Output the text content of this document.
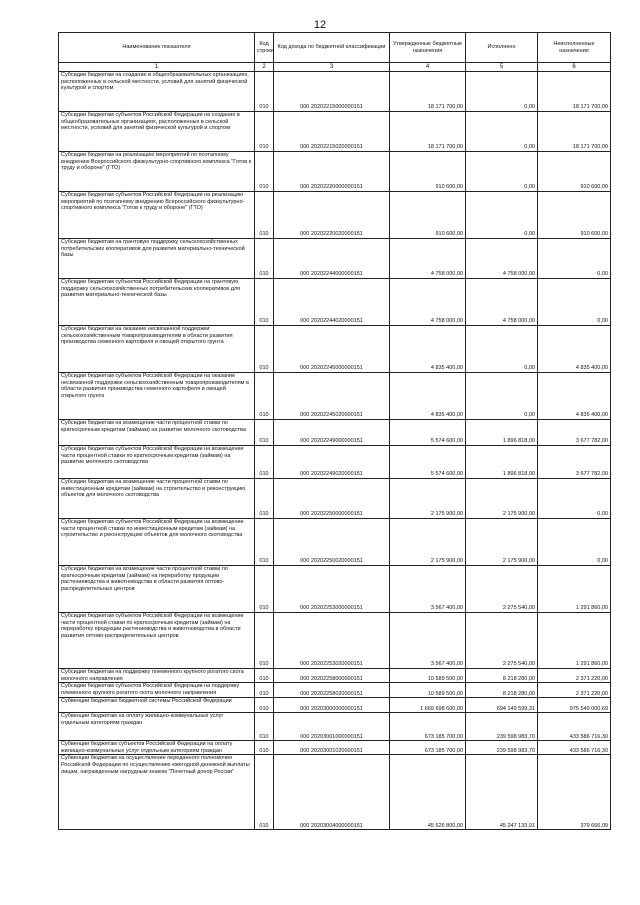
12
Наименование показателя	Код строки	Код дохода по бюджетной классификации	Утвержденные бюджетные назначения	Исполнено	Неисполненные назначения
1	2	3	4	5	6
Субсидии бюджетам на создание в общеобразовательных организациях, расположенных в сельской местности, условий для занятий физической культурой и спортом	010	000 20202215000000151	18 171 700,00	0,00	18 171 700,00
Субсидии бюджетам субъектов Российской Федерации на создание в общеобразовательных организациях, расположенных в сельской местности, условий для занятий физической культурой и спортом	010	000 20202215020000151	18 171 700,00	0,00	18 171 700,00
Субсидии бюджетам на реализацию мероприятий по поэтапному внедрению Всероссийского физкультурно-спортивного комплекса "Готов к труду и обороне" (ГТО)	010	000 20202220000000151	910 600,00	0,00	910 600,00
Субсидии бюджетам субъектов Российской Федерации на реализацию мероприятий по поэтапному внедрению Всероссийского физкультурно-спортивного комплекса "Готов к труду и обороне" (ГТО)	010	000 20202220020000151	910 600,00	0,00	910 600,00
Субсидии бюджетам на грантовую поддержку сельскохозяйственных потребительских кооперативов для развития материально-технической базы	010	000 20202244000000151	4 758 000,00	4 758 000,00	0,00
Субсидии бюджетам субъектов Российской Федерации на грантовую поддержку сельскохозяйственных потребительских кооперативов для развития материально-технической базы	010	000 20202244020000151	4 758 000,00	4 758 000,00	0,00
Субсидии бюджетам на оказание несвязанной поддержки сельскохозяйственным товаропроизводителям в области развития производства семенного картофеля и овощей открытого грунта	010	000 20202245000000151	4 835 400,00	0,00	4 835 400,00
Субсидии бюджетам субъектов Российской Федерации на оказание несвязанной поддержки сельскохозяйственным товаропроизводителям в области развития производства семенного картофеля и овощей открытого грунта	010	000 20202245020000151	4 835 400,00	0,00	4 835 400,00
Субсидии бюджетам на возмещение части процентной ставки по краткосрочным кредитам (займам) на развитие молочного скотоводства	010	000 20202249000000151	5 574 600,00	1 896 818,00	3 677 782,00
Субсидии бюджетам субъектов Российской Федерации на возмещение части процентной ставки по краткосрочным кредитам (займам) на развитие молочного скотоводства	010	000 20202249020000151	5 574 600,00	1 896 818,00	3 677 782,00
Субсидии бюджетам на возмещение части процентной ставки по инвестиционным кредитам (займам) на строительство и реконструкцию объектов для молочного скотоводства	010	000 20202250000000151	2 175 900,00	2 175 900,00	0,00
Субсидии бюджетам субъектов Российской Федерации на возмещение части процентной ставки по инвестиционным кредитам (займам) на строительство и реконструкцию объектов для молочного скотоводства	010	000 20202250020000151	2 175 900,00	2 175 900,00	0,00
Субсидии бюджетам на возмещение части процентной ставки по краткосрочным кредитам (займам) на переработку продукции растениеводства и животноводства в области развития оптово-распределительных центров	010	000 20202253000000151	3 567 400,00	2 275 540,00	1 291 860,00
Субсидии бюджетам субъектов Российской Федерации на возмещение части процентной ставки по краткосрочным кредитам (займам) на переработку продукции растениеводства и животноводства в области развития оптово-распределительных центров	010	000 20202253020000151	3 567 400,00	2 275 540,00	1 291 860,00
Субсидии бюджетам на поддержку племенного крупного рогатого скота молочного направления	010	000 20202258000000151	10 589 500,00	8 218 280,00	2 371 220,00
Субсидии бюджетам субъектов Российской Федерации на поддержку племенного крупного рогатого скота молочного направления	010	000 20202258020000151	10 589 500,00	8 218 280,00	2 371 220,00
Субвенции бюджетам бюджетной системы Российской Федерации	010	000 20203000000000151	1 669 698 600,00	694 149 599,31	975 549 000,69
Субвенции бюджетам на оплату жилищно-коммунальных услуг отдельным категориям граждан	010	000 20203001000000151	673 185 700,00	239 598 983,70	433 586 716,30
Субвенции бюджетам субъектов Российской Федерации на оплату жилищно-коммунальных услуг отдельным категориям граждан	010	000 20203001020000151	673 185 700,00	239 598 983,70	433 586 716,30
Субвенции бюджетам на осуществление переданного полномочия Российской Федерации по осуществлению ежегодной денежной выплаты лицам, награжденным нагрудным знаком "Почетный донор России"	010	000 20203004000000151	45 626 800,00	45 247 133,91	379 666,09
